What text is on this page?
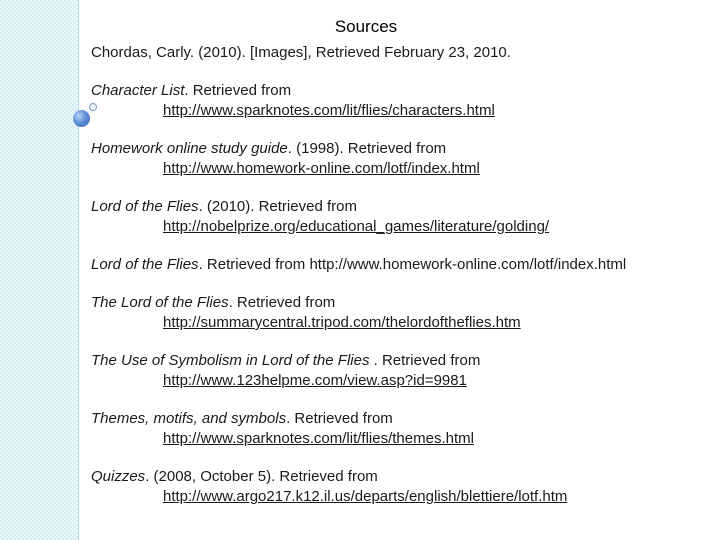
Sources
Chordas, Carly. (2010). [Images], Retrieved February 23, 2010.
Character List. Retrieved from
http://www.sparknotes.com/lit/flies/characters.html
Homework online study guide. (1998). Retrieved from
http://www.homework-online.com/lotf/index.html
Lord of the Flies. (2010). Retrieved from
http://nobelprize.org/educational_games/literature/golding/
Lord of the Flies. Retrieved from http://www.homework-online.com/lotf/index.html
The Lord of the Flies. Retrieved from
http://summarycentral.tripod.com/thelordoftheflies.htm
The Use of Symbolism in Lord of the Flies . Retrieved from
http://www.123helpme.com/view.asp?id=9981
Themes, motifs, and symbols. Retrieved from
http://www.sparknotes.com/lit/flies/themes.html
Quizzes. (2008, October 5). Retrieved from
http://www.argo217.k12.il.us/departs/english/blettiere/lotf.htm
